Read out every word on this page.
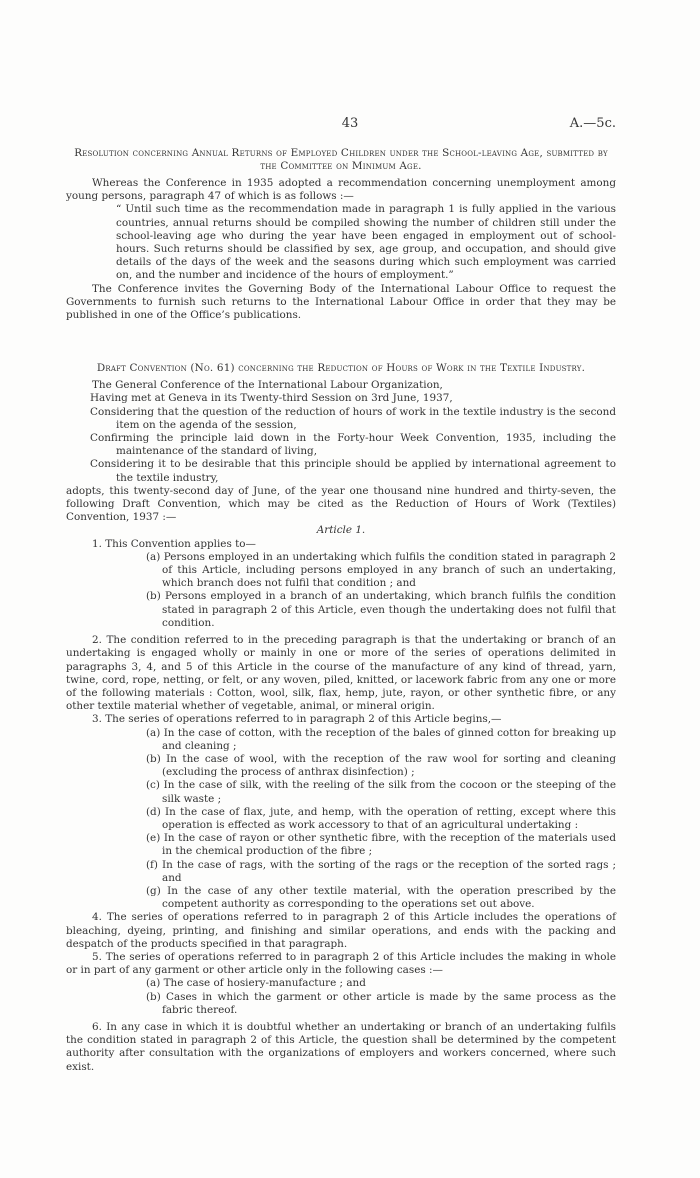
43	A.—5c.

Resolution concerning Annual Returns of Employed Children under the School-leaving Age, submitted by the Committee on Minimum Age.

Whereas the Conference in 1935 adopted a recommendation concerning unemployment among young persons, paragraph 47 of which is as follows :—

“ Until such time as the recommendation made in paragraph 1 is fully applied in the various countries, annual returns should be compiled showing the number of children still under the school-leaving age who during the year have been engaged in employment out of school-hours. Such returns should be classified by sex, age group, and occupation, and should give details of the days of the week and the seasons during which such employment was carried on, and the number and incidence of the hours of employment.”

The Conference invites the Governing Body of the International Labour Office to request the Governments to furnish such returns to the International Labour Office in order that they may be published in one of the Office’s publications.

Draft Convention (No. 61) concerning the Reduction of Hours of Work in the Textile Industry.

The General Conference of the International Labour Organization,

Having met at Geneva in its Twenty-third Session on 3rd June, 1937,

Considering that the question of the reduction of hours of work in the textile industry is the second item on the agenda of the session,

Confirming the principle laid down in the Forty-hour Week Convention, 1935, including the maintenance of the standard of living,

Considering it to be desirable that this principle should be applied by international agreement to the textile industry,

adopts, this twenty-second day of June, of the year one thousand nine hundred and thirty-seven, the following Draft Convention, which may be cited as the Reduction of Hours of Work (Textiles) Convention, 1937 :—

Article 1.

1. This Convention applies to—

(a) Persons employed in an undertaking which fulfils the condition stated in paragraph 2 of this Article, including persons employed in any branch of such an undertaking, which branch does not fulfil that condition ; and

(b) Persons employed in a branch of an undertaking, which branch fulfils the condition stated in paragraph 2 of this Article, even though the undertaking does not fulfil that condition.

2. The condition referred to in the preceding paragraph is that the undertaking or branch of an undertaking is engaged wholly or mainly in one or more of the series of operations delimited in paragraphs 3, 4, and 5 of this Article in the course of the manufacture of any kind of thread, yarn, twine, cord, rope, netting, or felt, or any woven, piled, knitted, or lacework fabric from any one or more of the following materials : Cotton, wool, silk, flax, hemp, jute, rayon, or other synthetic fibre, or any other textile material whether of vegetable, animal, or mineral origin.

3. The series of operations referred to in paragraph 2 of this Article begins,—

(a) In the case of cotton, with the reception of the bales of ginned cotton for breaking up and cleaning ;

(b) In the case of wool, with the reception of the raw wool for sorting and cleaning (excluding the process of anthrax disinfection) ;

(c) In the case of silk, with the reeling of the silk from the cocoon or the steeping of the silk waste ;

(d) In the case of flax, jute, and hemp, with the operation of retting, except where this operation is effected as work accessory to that of an agricultural undertaking :

(e) In the case of rayon or other synthetic fibre, with the reception of the materials used in the chemical production of the fibre ;

(f) In the case of rags, with the sorting of the rags or the reception of the sorted rags ; and

(g) In the case of any other textile material, with the operation prescribed by the competent authority as corresponding to the operations set out above.

4. The series of operations referred to in paragraph 2 of this Article includes the operations of bleaching, dyeing, printing, and finishing and similar operations, and ends with the packing and despatch of the products specified in that paragraph.

5. The series of operations referred to in paragraph 2 of this Article includes the making in whole or in part of any garment or other article only in the following cases :—

(a) The case of hosiery-manufacture ; and

(b) Cases in which the garment or other article is made by the same process as the fabric thereof.

6. In any case in which it is doubtful whether an undertaking or branch of an undertaking fulfils the condition stated in paragraph 2 of this Article, the question shall be determined by the competent authority after consultation with the organizations of employers and workers concerned, where such exist.
